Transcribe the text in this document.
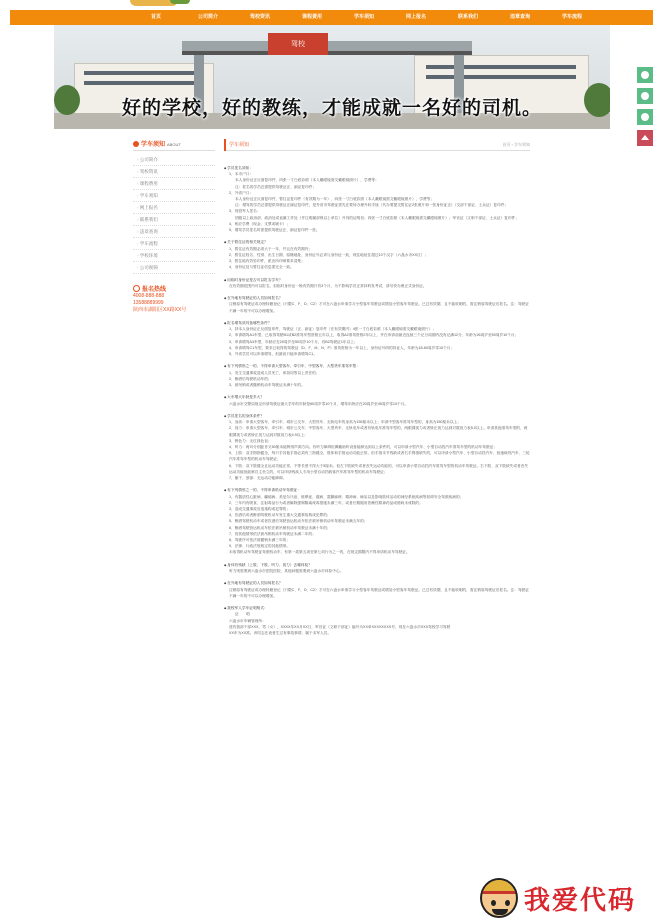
首页	公司简介	驾校资讯	课程费用	学车须知	网上报名	联系我们	违章查询	学车流程
驾校
好的学校，好的教练，才能成就一名好的司机。
学车须知 ABOUT
› 公司简介
› 驾校资讯
› 课程费用
› 学车须知
› 网上报名
› 联系我们
› 违章查询
› 学车流程
› 学校环境
› 公司视频
报名热线
4008-888-888
13588889999
陕西市湖阳区XX路XX号
学车须知	首页 › 学车须知
◆ 学员报名须知：
1、本市户口：
本人身份证正反面复印件，四张一寸白底彩照（本人戴眼镜需交戴眼镜照片），学费等；
注：报名的学员还需提供驾驶证正、副证复印件；
2、外省户口：
本人身份证正反面复印件，暂住证复印件（有效期为一年），四张一寸白底彩照（本人戴眼镜需交戴眼镜照片），学费等；
注：增驾的学员还需提供驾驶证正副证复印件，是外省市驾驶证需先在要转办理外转手续（代办要提交暂住证2张照片和一张身份证正）（交部干部证、士兵证）复印件；
3、现役军人报名：
团级以上政治部、政治处或直属工作处（并注明属部保以上单位）开具的证明信；四张一寸白底彩照（本人戴眼镜需交戴眼镜照片）；军官证（文职干部证、士兵证）复印件；
4、相应学费（现金、支票或刷卡）；
5、增驾学员报名时需提供驾驶证正、副证复印件一张。
◆ 关于暂住证的相关规定？
1、暂住证有效期必须大于一年，并且在有效期内；
2、暂住证姓名、性别、出生日期、原籍地址、身份证号必须与身份证一致，现住地址住超过10个汉字（六盘水市XX区）；
3、暂住地有效验印件，派出所印章要求清楚；
4、身份证及与暂住证信息需完全一致。
◆ 用临时身份证是否可以报名学车？
在有效期范围内可以报名，但临时身份证一般有效期只有3个月，为不影响学员正常持科发考试，请尽快办理正式身份证。
◆ 在外地有驾驶证的人员如何报名？
注销原有驾驶证或办理转籍登记（只限C、F、D、C2）才可在六盘水申请学习小型客车驾驶证或增加小型客车驾驶证。已过有效期，且不能收刷的，需注销原驾驶证后报名。注：驾驶证不满一年的不可以办理增加。
◆ 报名增驾须具备哪些条件？
1、持本人身份证正反面复印件，驾驶证（正、副证）复印件（在有效期内）4张一寸白底彩照（本人戴眼镜需交戴眼镜照片）；
2、申请增驾A1车型，已取得驾驶B1或B2准驾车型资格五年以上，取得A2准驾资格2年以上，并在申请前最近连续三个记分周期内没有记满12分，年龄为26周岁至50周岁10个月；
3、申请增驾A3车型，年龄应在20周岁至50周岁10个月，有B2驾驶证1年以上；
4、申请增驾C1车型，要求已取得的驾驶证（D、F、M、N、P）准驾资格为一年以上，身份证号码的持证人，年龄为18-60周岁零10个月；
5、外省学员可以申请增驾，但最高只能申请增驾C1。
◆ 有下列情形之一的，不得申请大型客车、牵引车、中型客车、大型货车准驾车型：
1、发生交通事故造成人员死亡，承担同等以上责任的；
2、醉酒后驾驶机动车的；
3、被吊销或者撤销机动车驾驶证未满十年的。
◆ 大车增大年龄是多大？
六盘水市交警局规定申请驾驶证最大学车的年龄是60周岁零10个月，增驾年龄应在20周岁至45周岁零10个月。
◆ 学员报名的身体条件？
1、身高：申请大型客车、牵引车、城市公交车、大型货车、无轨电车的身高为155厘米以上；申请中型客车准驾车型的，身高为150厘米以上；
2、视力：申请大型客车、牵引车、城市公交车、中型客车、大型货车、无轨电车或者有轨电车准驾车型的，两眼裸视力或者矫正视力达到对数视力表5.0以上。申请其他准驾车型的，两眼裸视力或者矫正视力达到对数视力表4.9以上；
3、辨色力：无红绿色盲；
4、听力：两耳分别距音叉50厘米能辨别声源方向。有听力障碍但佩戴助听设备能够达到以上条件的，可以申请小型汽车、小型自动挡汽车准驾车型的机动车驾驶证；
5、上肢：双手拇指健全，每只手其他手指必须有三指健全，肢体和手指运动功能正常。但手指末节残缺或者右手拇指缺失的，可以申请小型汽车、小型自动挡汽车、低速载货汽车、三轮汽车准驾车型的机动车驾驶证；
6、下肢：双下肢健全且运动功能正常，不等长度不得大于5厘米。但左下肢缺失或者丧失运动功能的，可以申请小型自动挡汽车准驾车型的机动车驾驶证。右下肢、双下肢缺失或者丧失运动功能但能够自主坐立的，可以申请残疾人专用小型自动挡载客汽车准驾车型的机动车驾驶证；
7、躯干、颈部：无运动功能障碍。
◆ 有下列情形之一的，不得申请机动车驾驶证：
1、有器质性心脏病、癫痫病、美尼尔氏症、眩晕症、癔病、震颤麻痹、精神病、痴呆以及影响肢体活动的神经系统疾病等妨碍安全驾驶疾病的；
2、三年内有吸食、注射毒品行为或者解除强制隔离戒毒措施未满三年，或者长期服用依赖性精神药品成瘾尚未戒除的；
3、造成交通事故后逃逸构成犯罪的；
4、饮酒后或者醉酒驾驶机动车发生重大交通事故构成犯罪的；
5、醉酒驾驶机动车或者饮酒后驾驶营运机动车依法被吊销机动车驾驶证未满五年的；
6、醉酒驾驶营运机动车依法被吊销机动车驾驶证未满十年的；
7、因其他情形依法被吊销机动车驾驶证未满二年的；
8、驾驶许可依法被撤销未满三年的；
9、法律、行政法规规定的其他情形。
未取得机动车驾驶证驾驶机动车，有第一款第五项至第七项行为之一的，在规定期限内不得申请机动车驾驶证。
◆ 身体有残缺（上肢、下肢、听力、视力）去哪体检？
听力则需要到六盘水市医院医院，其他问题需要到六盘水市体检中心。
◆ 在外地有驾驶证的人员如何报名？
注销原有驾驶证或办理转籍登记（只限C、F、D、C2）才可在六盘水申请学习小型客车驾驶证或增加小型客车驾驶证。已过有效期，且不能收刷的，需注销原驾驶证后报名。注：驾驶证不满一年的不可以办理增加。
◆ 我校军人学车证明格式：
证　　明
六盘水市车辆管理所：
兹有我部干部XXX，男（女），XXXX年XX月XX日，军官证（文职干部证）编号为XX单XXXXXXXX号，现在六盘水市XXX驾校学习驾驶
XX车为XX准。该同志在表者生过有事故事情，属于本军人员。
我爱代码
